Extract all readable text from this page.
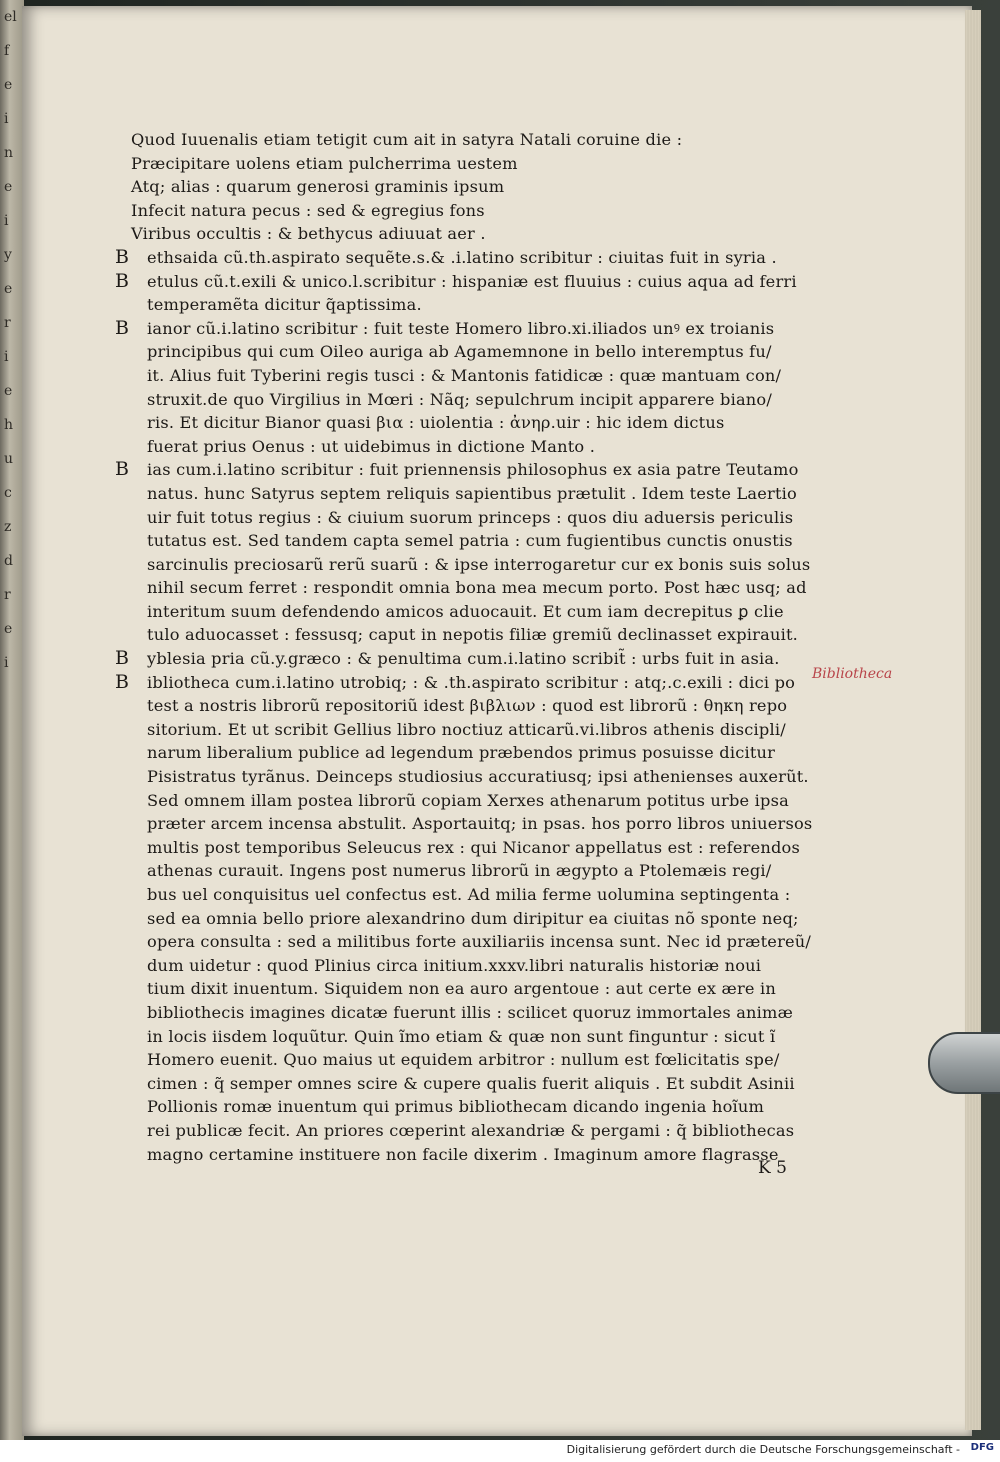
el
f
e
i
n
e
i
y
e
r
i
e
h
u
c
z
d
r
e
i
Quod Iuuenalis etiam tetigit cum ait in satyra Natali coruine die :
Præcipitare uolens etiam pulcherrima uestem
Atq; alias : quarum generosi graminis ipsum
Infecit natura pecus : sed & egregius fons
Viribus occultis : & bethycus adiuuat aer .
B ethsaida cũ.th.aspirato sequẽte.s.& .i.latino scribitur : ciuitas fuit in syria .
B etulus cũ.t.exili & unico.l.scribitur : hispaniæ est fluuius : cuius aqua ad ferri
temperamẽta dicitur q̃aptissima.
B ianor cũ.i.latino scribitur : fuit teste Homero libro.xi.iliados unꝰ ex troianis
principibus qui cum Oileo auriga ab Agamemnone in bello interemptus fu/
it. Alius fuit Tyberini regis tusci : & Mantonis fatidicæ : quæ mantuam con/
struxit.de quo Virgilius in Mœri : Nãq; sepulchrum incipit apparere biano/
ris. Et dicitur Bianor quasi βια : uiolentia : ἀνηρ.uir : hic idem dictus
fuerat prius Oenus : ut uidebimus in dictione Manto .
B ias cum.i.latino scribitur : fuit priennensis philosophus ex asia patre Teutamo
natus. hunc Satyrus septem reliquis sapientibus prætulit . Idem teste Laertio
uir fuit totus regius : & ciuium suorum princeps : quos diu aduersis periculis
tutatus est. Sed tandem capta semel patria : cum fugientibus cunctis onustis
sarcinulis preciosarũ rerũ suarũ : & ipse interrogaretur cur ex bonis suis solus
nihil secum ferret : respondit omnia bona mea mecum porto. Post hæc usq; ad
interitum suum defendendo amicos aduocauit. Et cum iam decrepitus ꝑ clie
tulo aduocasset : fessusq; caput in nepotis filiæ gremiũ declinasset expirauit.
B yblesia pria cũ.y.græco : & penultima cum.i.latino scribit̃ : urbs fuit in asia.
B ibliotheca cum.i.latino utrobiq; : & .th.aspirato scribitur : atq;.c.exili : dici po
test a nostris librorũ repositoriũ idest βιβλιων : quod est librorũ : θηκη repo
sitorium. Et ut scribit Gellius libro noctiuz atticarũ.vi.libros athenis discipli/
narum liberalium publice ad legendum præbendos primus posuisse dicitur
Pisistratus tyrãnus. Deinceps studiosius accuratiusq; ipsi athenienses auxerũt.
Sed omnem illam postea librorũ copiam Xerxes athenarum potitus urbe ipsa
præter arcem incensa abstulit. Asportauitq; in psas. hos porro libros uniuersos
multis post temporibus Seleucus rex : qui Nicanor appellatus est : referendos
athenas curauit. Ingens post numerus librorũ in ægypto a Ptolemæis regi/
bus uel conquisitus uel confectus est. Ad milia ferme uolumina septingenta :
sed ea omnia bello priore alexandrino dum diripitur ea ciuitas nõ sponte neq;
opera consulta : sed a militibus forte auxiliariis incensa sunt. Nec id prætereũ/
dum uidetur : quod Plinius circa initium.xxxv.libri naturalis historiæ noui
tium dixit inuentum. Siquidem non ea auro argentoue : aut certe ex ære in
bibliothecis imagines dicatæ fuerunt illis : scilicet quoruz immortales animæ
in locis iisdem loquũtur. Quin ĩmo etiam & quæ non sunt finguntur : sicut ĩ
Homero euenit. Quo maius ut equidem arbitror : nullum est fœlicitatis spe/
cimen : q̃ semper omnes scire & cupere qualis fuerit aliquis . Et subdit Asinii
Pollionis romæ inuentum qui primus bibliothecam dicando ingenia hoĩum
rei publicæ fecit. An priores cœperint alexandriæ & pergami : q̃ bibliothecas
magno certamine instituere non facile dixerim . Imaginum amore flagrasse
Bibliotheca
K 5
Digitalisierung gefördert durch die Deutsche Forschungsgemeinschaft - DFG
